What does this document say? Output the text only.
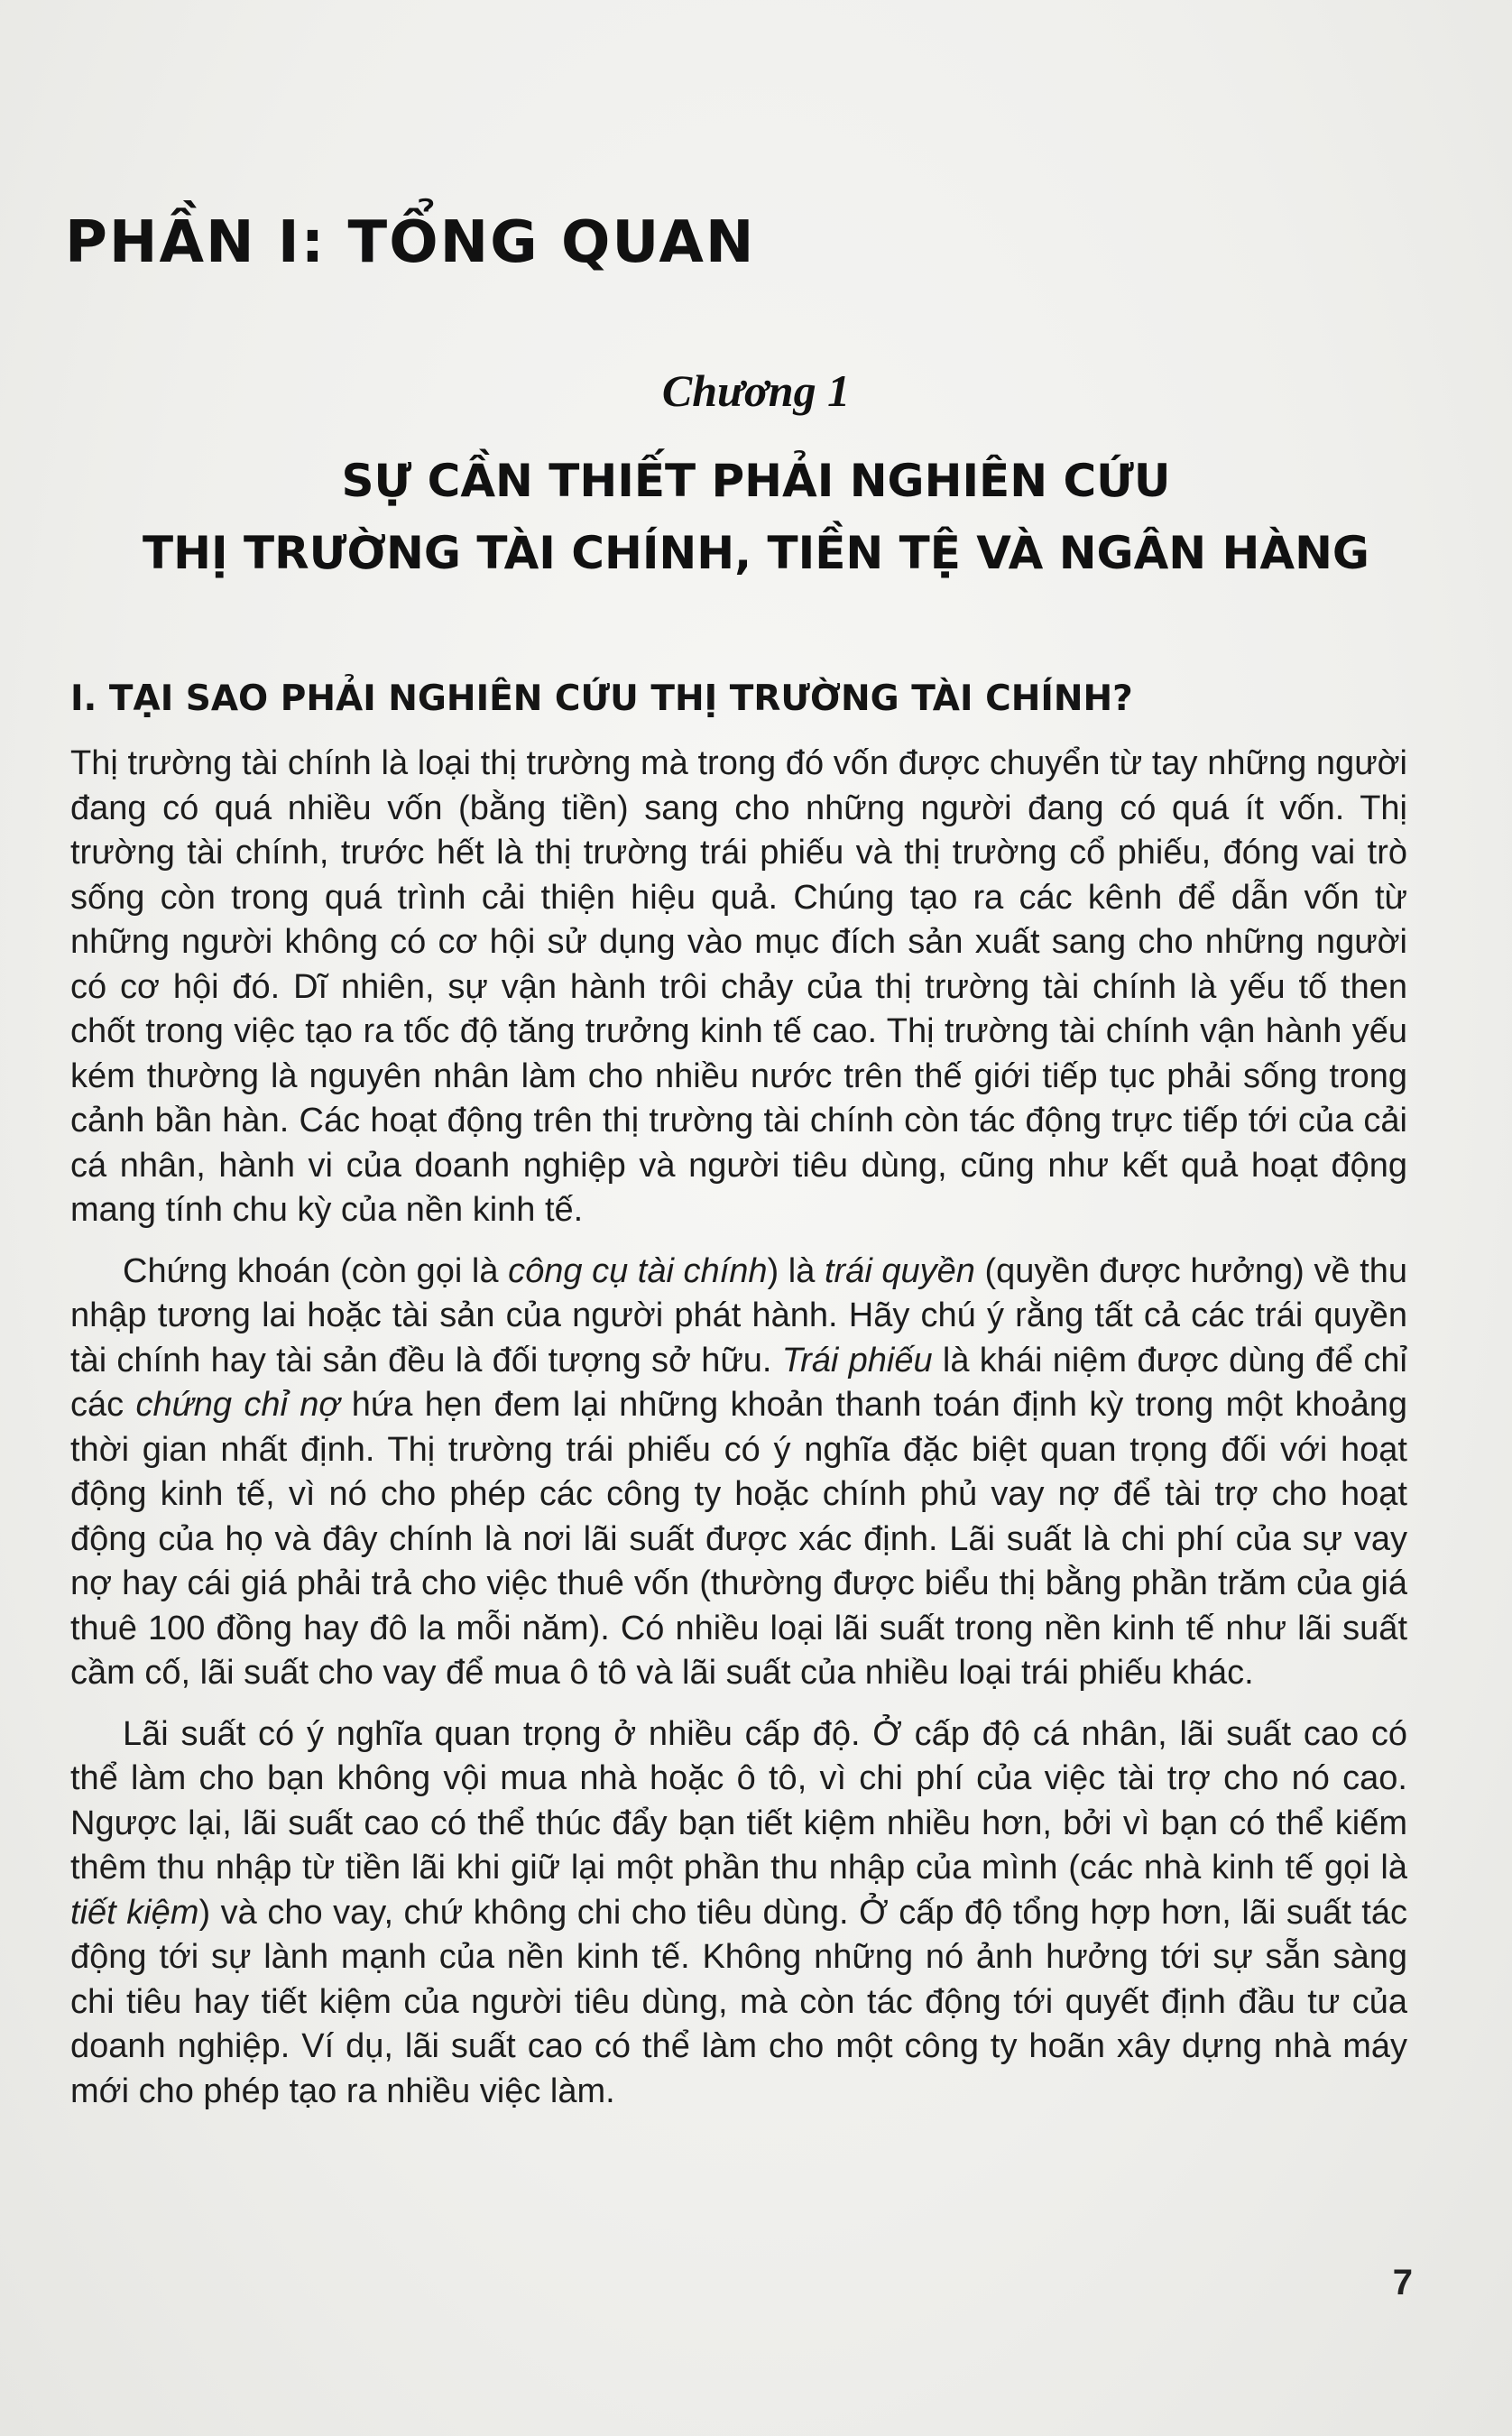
PHẦN I: TỔNG QUAN
Chương 1
SỰ CẦN THIẾT PHẢI NGHIÊN CỨU
THỊ TRƯỜNG TÀI CHÍNH, TIỀN TỆ VÀ NGÂN HÀNG
I. TẠI SAO PHẢI NGHIÊN CỨU THỊ TRƯỜNG TÀI CHÍNH?

Thị trường tài chính là loại thị trường mà trong đó vốn được chuyển từ tay những người đang có quá nhiều vốn (bằng tiền) sang cho những người đang có quá ít vốn. Thị trường tài chính, trước hết là thị trường trái phiếu và thị trường cổ phiếu, đóng vai trò sống còn trong quá trình cải thiện hiệu quả. Chúng tạo ra các kênh để dẫn vốn từ những người không có cơ hội sử dụng vào mục đích sản xuất sang cho những người có cơ hội đó. Dĩ nhiên, sự vận hành trôi chảy của thị trường tài chính là yếu tố then chốt trong việc tạo ra tốc độ tăng trưởng kinh tế cao. Thị trường tài chính vận hành yếu kém thường là nguyên nhân làm cho nhiều nước trên thế giới tiếp tục phải sống trong cảnh bần hàn. Các hoạt động trên thị trường tài chính còn tác động trực tiếp tới của cải cá nhân, hành vi của doanh nghiệp và người tiêu dùng, cũng như kết quả hoạt động mang tính chu kỳ của nền kinh tế.

Chứng khoán (còn gọi là công cụ tài chính) là trái quyền (quyền được hưởng) về thu nhập tương lai hoặc tài sản của người phát hành. Hãy chú ý rằng tất cả các trái quyền tài chính hay tài sản đều là đối tượng sở hữu. Trái phiếu là khái niệm được dùng để chỉ các chứng chỉ nợ hứa hẹn đem lại những khoản thanh toán định kỳ trong một khoảng thời gian nhất định. Thị trường trái phiếu có ý nghĩa đặc biệt quan trọng đối với hoạt động kinh tế, vì nó cho phép các công ty hoặc chính phủ vay nợ để tài trợ cho hoạt động của họ và đây chính là nơi lãi suất được xác định. Lãi suất là chi phí của sự vay nợ hay cái giá phải trả cho việc thuê vốn (thường được biểu thị bằng phần trăm của giá thuê 100 đồng hay đô la mỗi năm). Có nhiều loại lãi suất trong nền kinh tế như lãi suất cầm cố, lãi suất cho vay để mua ô tô và lãi suất của nhiều loại trái phiếu khác.

Lãi suất có ý nghĩa quan trọng ở nhiều cấp độ. Ở cấp độ cá nhân, lãi suất cao có thể làm cho bạn không vội mua nhà hoặc ô tô, vì chi phí của việc tài trợ cho nó cao. Ngược lại, lãi suất cao có thể thúc đẩy bạn tiết kiệm nhiều hơn, bởi vì bạn có thể kiếm thêm thu nhập từ tiền lãi khi giữ lại một phần thu nhập của mình (các nhà kinh tế gọi là tiết kiệm) và cho vay, chứ không chi cho tiêu dùng. Ở cấp độ tổng hợp hơn, lãi suất tác động tới sự lành mạnh của nền kinh tế. Không những nó ảnh hưởng tới sự sẵn sàng chi tiêu hay tiết kiệm của người tiêu dùng, mà còn tác động tới quyết định đầu tư của doanh nghiệp. Ví dụ, lãi suất cao có thể làm cho một công ty hoãn xây dựng nhà máy mới cho phép tạo ra nhiều việc làm.

7
